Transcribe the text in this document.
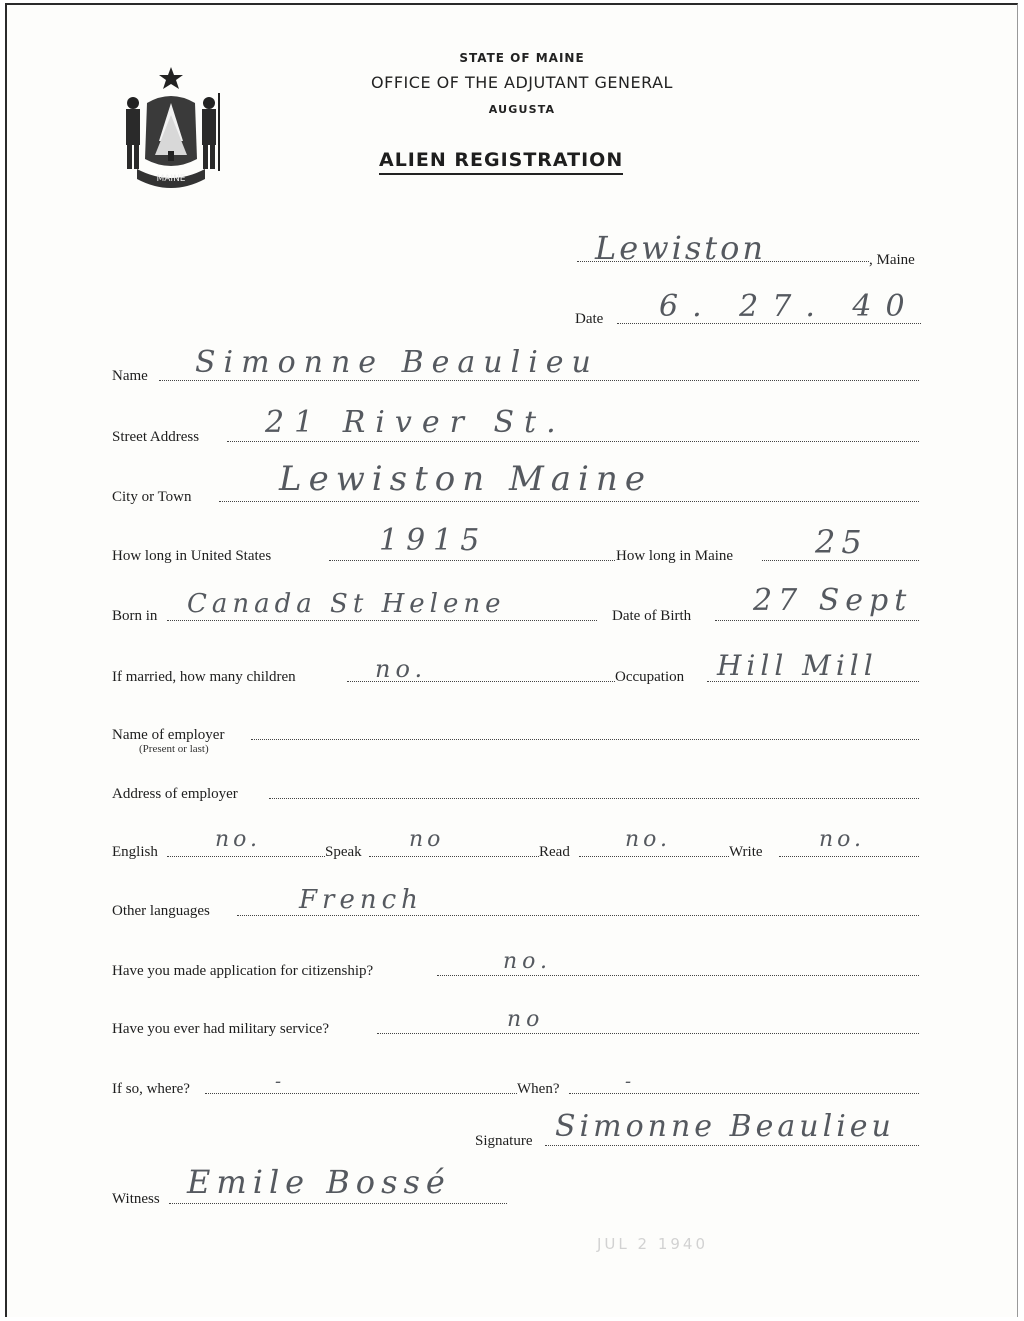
MAINE
STATE OF MAINE
OFFICE OF THE ADJUTANT GENERAL
AUGUSTA
ALIEN REGISTRATION
Lewiston	, Maine
Date 6. 27. 40
Name Simonne Beaulieu
Street Address 21 River St.
City or Town	Lewiston Maine
How long in United States	1915	How long in Maine	25
Born in Canada St Helene	Date of Birth 27 Sept
If married, how many children	no.	Occupation Hill Mill
Name of employer
(Present or last)
Address of employer
English	no.	Speak no	Read	no.	Write	no.
Other languages	French
Have you made application for citizenship?	no.
Have you ever had military service?	no
If so, where?	-	When?	-
Signature Simonne Beaulieu
Witness Emile Bossé
JUL 2 1940
